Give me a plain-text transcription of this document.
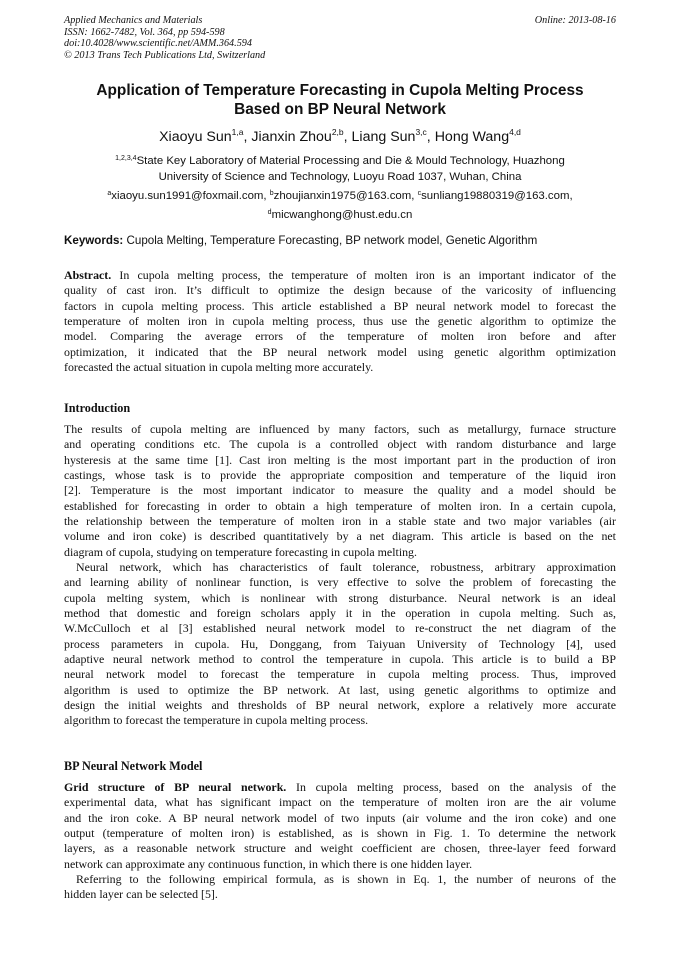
Applied Mechanics and Materials
ISSN: 1662-7482, Vol. 364, pp 594-598
doi:10.4028/www.scientific.net/AMM.364.594
© 2013 Trans Tech Publications Ltd, Switzerland
Online: 2013-08-16
Application of Temperature Forecasting in Cupola Melting Process
Based on BP Neural Network
Xiaoyu Sun$^{1,a}$, Jianxin Zhou$^{2,b}$, Liang Sun$^{3,c}$, Hong Wang$^{4,d}$
$^{1,2,3,4}$State Key Laboratory of Material Processing and Die & Mould Technology, Huazhong
University of Science and Technology, Luoyu Road 1037, Wuhan, China
$^a$xiaoyu.sun1991@foxmail.com, $^b$zhoujianxin1975@163.com, $^c$sunliang19880319@163.com,
$^d$micwanghong@hust.edu.cn
Keywords: Cupola Melting, Temperature Forecasting, BP network model, Genetic Algorithm
Abstract. In cupola melting process, the temperature of molten iron is an important indicator of the
quality of cast iron. It’s difficult to optimize the design because of the varicosity of influencing
factors in cupola melting process. This article established a BP neural network model to forecast the
temperature of molten iron in cupola melting process, thus use the genetic algorithm to optimize the
model. Comparing the average errors of the temperature of molten iron before and after
optimization, it indicated that the BP neural network model using genetic algorithm optimization
forecasted the actual situation in cupola melting more accurately.
Introduction
The results of cupola melting are influenced by many factors, such as metallurgy, furnace structure
and operating conditions etc. The cupola is a controlled object with random disturbance and large
hysteresis at the same time [1]. Cast iron melting is the most important part in the production of iron
castings, whose task is to provide the appropriate composition and temperature of the liquid iron
[2]. Temperature is the most important indicator to measure the quality and a model should be
established for forecasting in order to obtain a high temperature of molten iron. In a certain cupola,
the relationship between the temperature of molten iron in a stable state and two major variables (air
volume and iron coke) is described quantitatively by a net diagram. This article is based on the net
diagram of cupola, studying on temperature forecasting in cupola melting.
Neural network, which has characteristics of fault tolerance, robustness, arbitrary approximation
and learning ability of nonlinear function, is very effective to solve the problem of forecasting the
cupola melting system, which is nonlinear with strong disturbance. Neural network is an ideal
method that domestic and foreign scholars apply it in the operation in cupola melting. Such as,
W.McCulloch et al [3] established neural network model to re-construct the net diagram of the
process parameters in cupola. Hu, Donggang, from Taiyuan University of Technology [4], used
adaptive neural network method to control the temperature in cupola. This article is to build a BP
neural network model to forecast the temperature in cupola melting process. Thus, improved
algorithm is used to optimize the BP network. At last, using genetic algorithms to optimize and
design the initial weights and thresholds of BP neural network, explore a relatively more accurate
algorithm to forecast the temperature in cupola melting process.
BP Neural Network Model
Grid structure of BP neural network. In cupola melting process, based on the analysis of the
experimental data, what has significant impact on the temperature of molten iron are the air volume
and the iron coke. A BP neural network model of two inputs (air volume and the iron coke) and one
output (temperature of molten iron) is established, as is shown in Fig. 1. To determine the network
layers, as a reasonable network structure and weight coefficient are chosen, three-layer feed forward
network can approximate any continuous function, in which there is one hidden layer.
Referring to the following empirical formula, as is shown in Eq. 1, the number of neurons of the
hidden layer can be selected [5].
